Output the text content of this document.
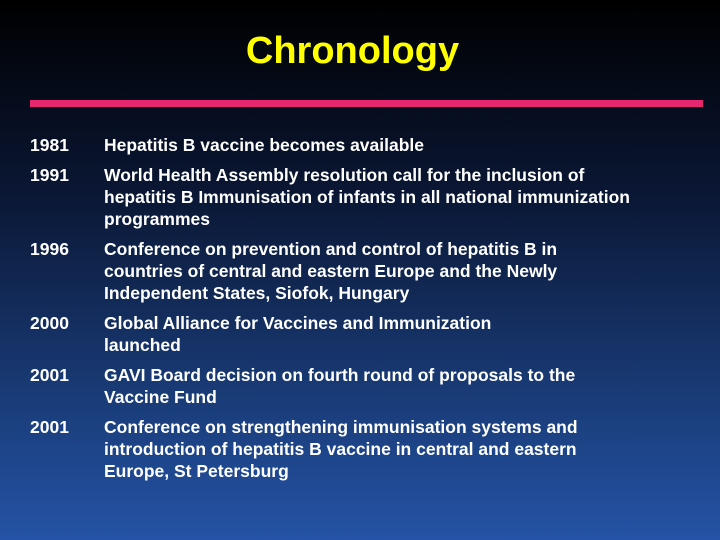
Chronology
1981	Hepatitis B vaccine becomes available
1991	World Health Assembly resolution call for the inclusion of
hepatitis B Immunisation of infants in all national immunization
programmes
1996	Conference on prevention and control of hepatitis B in
countries of central and eastern Europe and the Newly
Independent States, Siofok, Hungary
2000	Global Alliance for Vaccines and Immunization
launched
2001	GAVI Board decision on fourth round of proposals to the
Vaccine Fund
2001	Conference on strengthening immunisation systems and
introduction of hepatitis B vaccine in central and eastern
Europe, St Petersburg
